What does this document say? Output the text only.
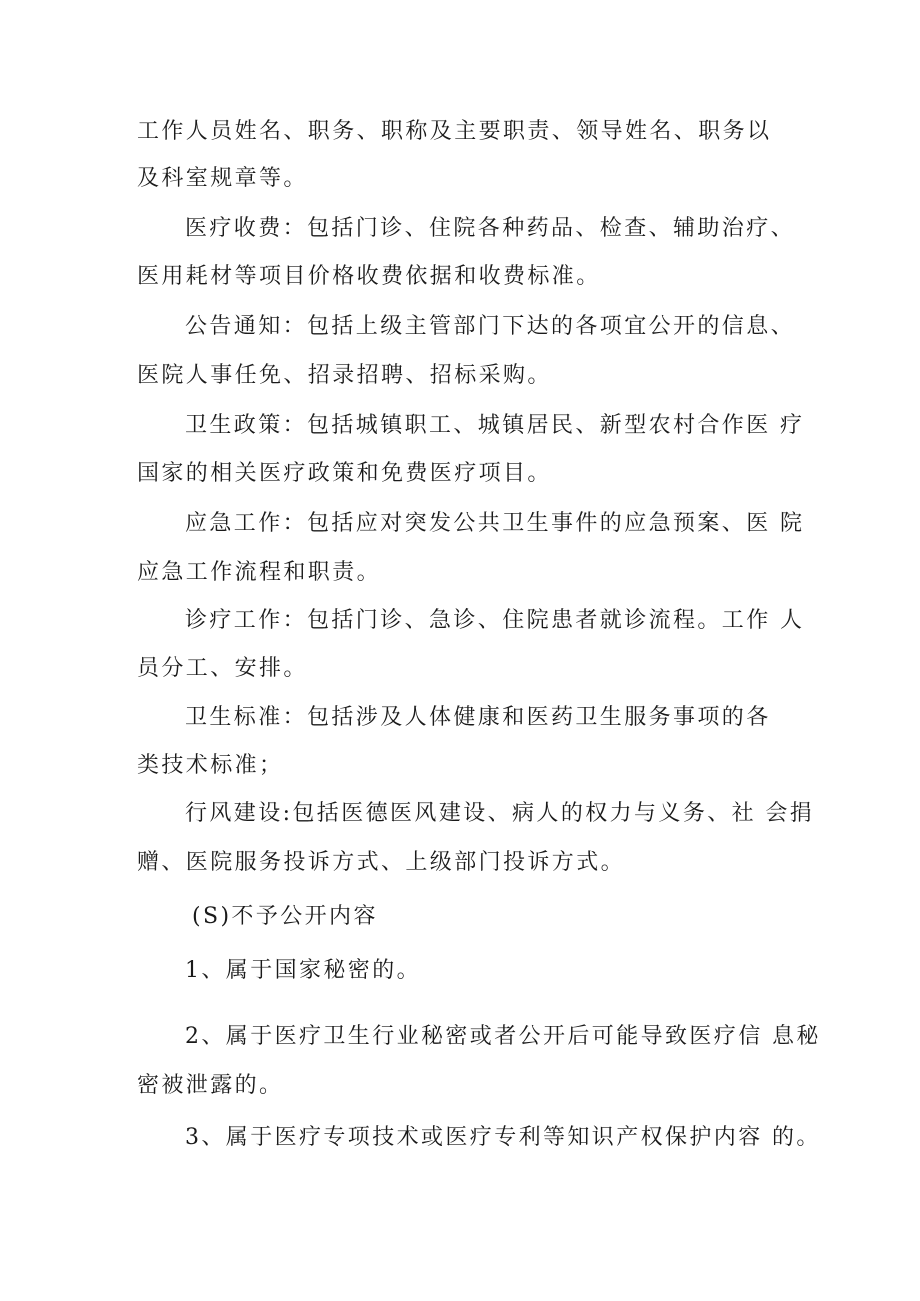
工作人员姓名、职务、职称及主要职责、领导姓名、职务以
及科室规章等。
医疗收费：包括门诊、住院各种药品、检查、辅助治疗、
医用耗材等项目价格收费依据和收费标准。
公告通知：包括上级主管部门下达的各项宜公开的信息、
医院人事任免、招录招聘、招标采购。
卫生政策：包括城镇职工、城镇居民、新型农村合作医 疗
国家的相关医疗政策和免费医疗项目。
应急工作：包括应对突发公共卫生事件的应急预案、医 院
应急工作流程和职责。
诊疗工作：包括门诊、急诊、住院患者就诊流程。工作 人
员分工、安排。
卫生标准：包括涉及人体健康和医药卫生服务事项的各
类技术标准；
行风建设:包括医德医风建设、病人的权力与义务、社 会捐
赠、医院服务投诉方式、上级部门投诉方式。
(S)不予公开内容
1、属于国家秘密的。
2、属于医疗卫生行业秘密或者公开后可能导致医疗信 息秘
密被泄露的。
3、属于医疗专项技术或医疗专利等知识产权保护内容 的。
